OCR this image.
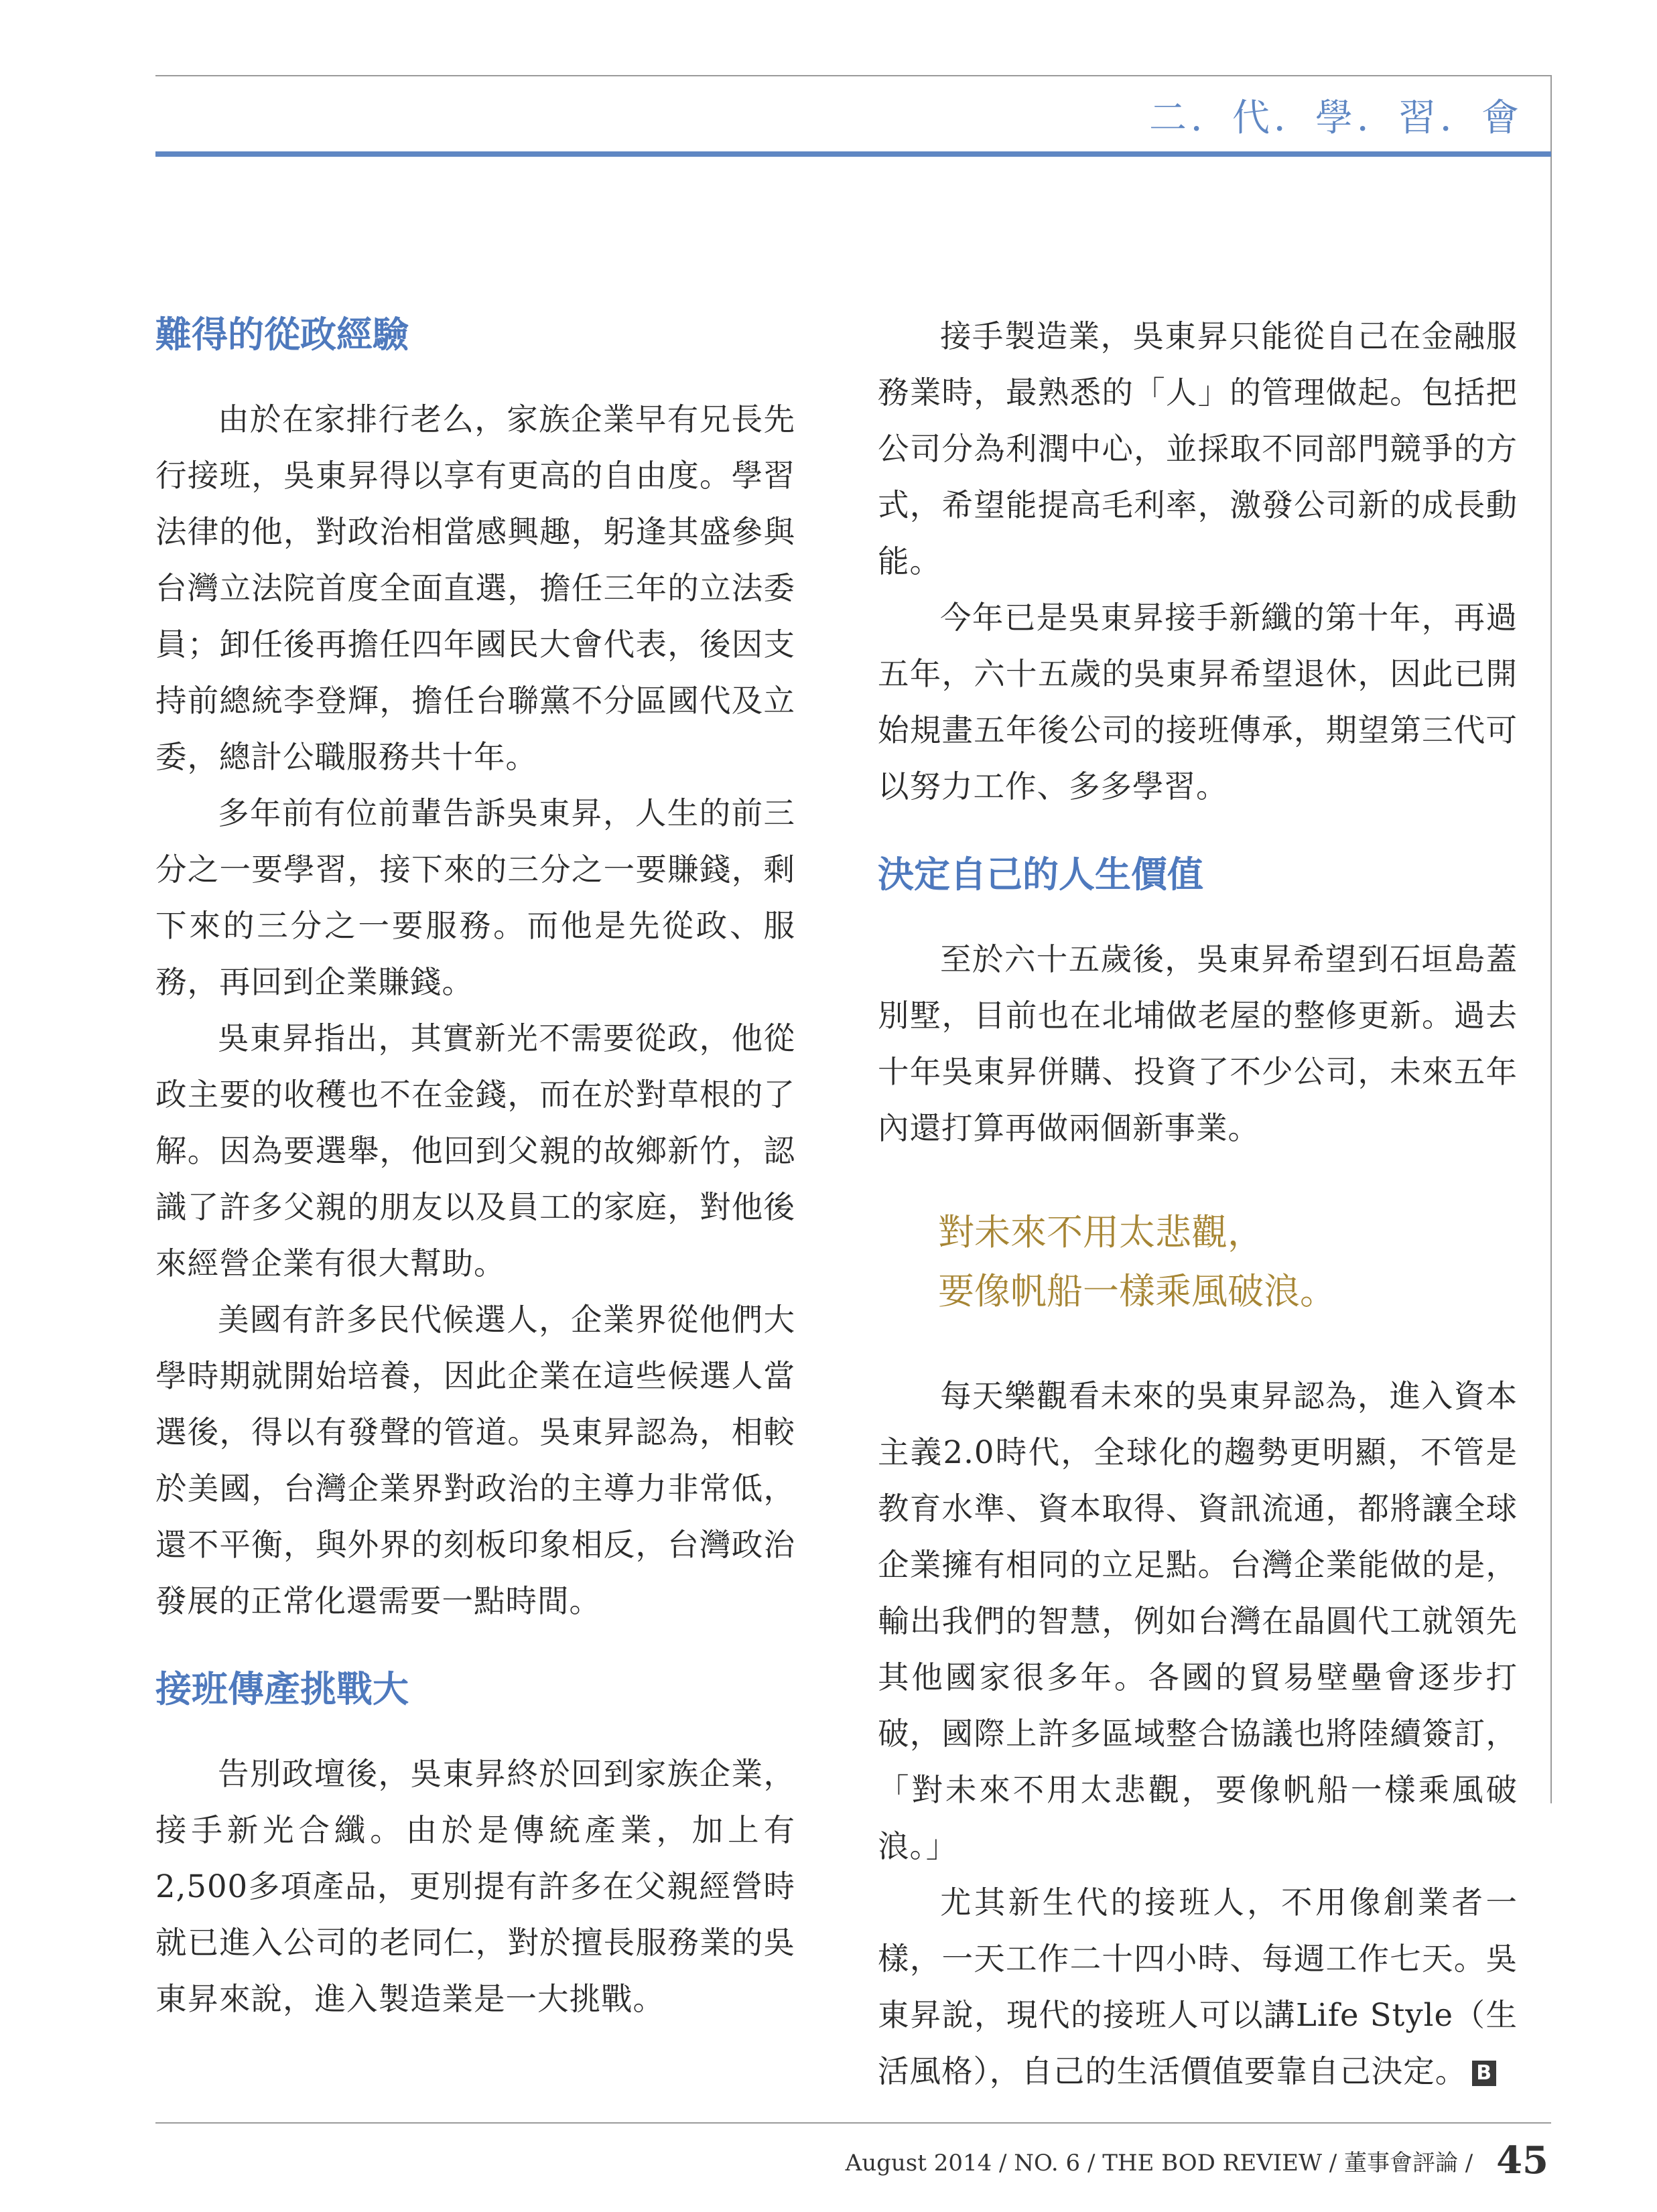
二．代．學．習．會
難得的從政經驗

由於在家排行老么，家族企業早有兄長先行接班，吳東昇得以享有更高的自由度。學習法律的他，對政治相當感興趣，躬逢其盛參與台灣立法院首度全面直選，擔任三年的立法委員；卸任後再擔任四年國民大會代表，後因支持前總統李登輝，擔任台聯黨不分區國代及立委，總計公職服務共十年。

多年前有位前輩告訴吳東昇，人生的前三分之一要學習，接下來的三分之一要賺錢，剩下來的三分之一要服務。而他是先從政、服務，再回到企業賺錢。

吳東昇指出，其實新光不需要從政，他從政主要的收穫也不在金錢，而在於對草根的了解。因為要選舉，他回到父親的故鄉新竹，認識了許多父親的朋友以及員工的家庭，對他後來經營企業有很大幫助。

美國有許多民代候選人，企業界從他們大學時期就開始培養，因此企業在這些候選人當選後，得以有發聲的管道。吳東昇認為，相較於美國，台灣企業界對政治的主導力非常低，還不平衡，與外界的刻板印象相反，台灣政治發展的正常化還需要一點時間。

接班傳產挑戰大

告別政壇後，吳東昇終於回到家族企業，接手新光合纖。由於是傳統產業，加上有2,500多項產品，更別提有許多在父親經營時就已進入公司的老同仁，對於擅長服務業的吳東昇來說，進入製造業是一大挑戰。

接手製造業，吳東昇只能從自己在金融服務業時，最熟悉的「人」的管理做起。包括把公司分為利潤中心，並採取不同部門競爭的方式，希望能提高毛利率，激發公司新的成長動能。

今年已是吳東昇接手新纖的第十年，再過五年，六十五歲的吳東昇希望退休，因此已開始規畫五年後公司的接班傳承，期望第三代可以努力工作、多多學習。

決定自己的人生價值

至於六十五歲後，吳東昇希望到石垣島蓋別墅，目前也在北埔做老屋的整修更新。過去十年吳東昇併購、投資了不少公司，未來五年內還打算再做兩個新事業。

對未來不用太悲觀，
要像帆船一樣乘風破浪。

每天樂觀看未來的吳東昇認為，進入資本主義2.0時代，全球化的趨勢更明顯，不管是教育水準、資本取得、資訊流通，都將讓全球企業擁有相同的立足點。台灣企業能做的是，輸出我們的智慧，例如台灣在晶圓代工就領先其他國家很多年。各國的貿易壁壘會逐步打破，國際上許多區域整合協議也將陸續簽訂，「對未來不用太悲觀，要像帆船一樣乘風破浪。」

尤其新生代的接班人，不用像創業者一樣，一天工作二十四小時、每週工作七天。吳東昇說，現代的接班人可以講Life Style（生活風格），自己的生活價值要靠自己決定。 B

August 2014 / NO. 6 / THE BOD REVIEW / 董事會評論 / 45
